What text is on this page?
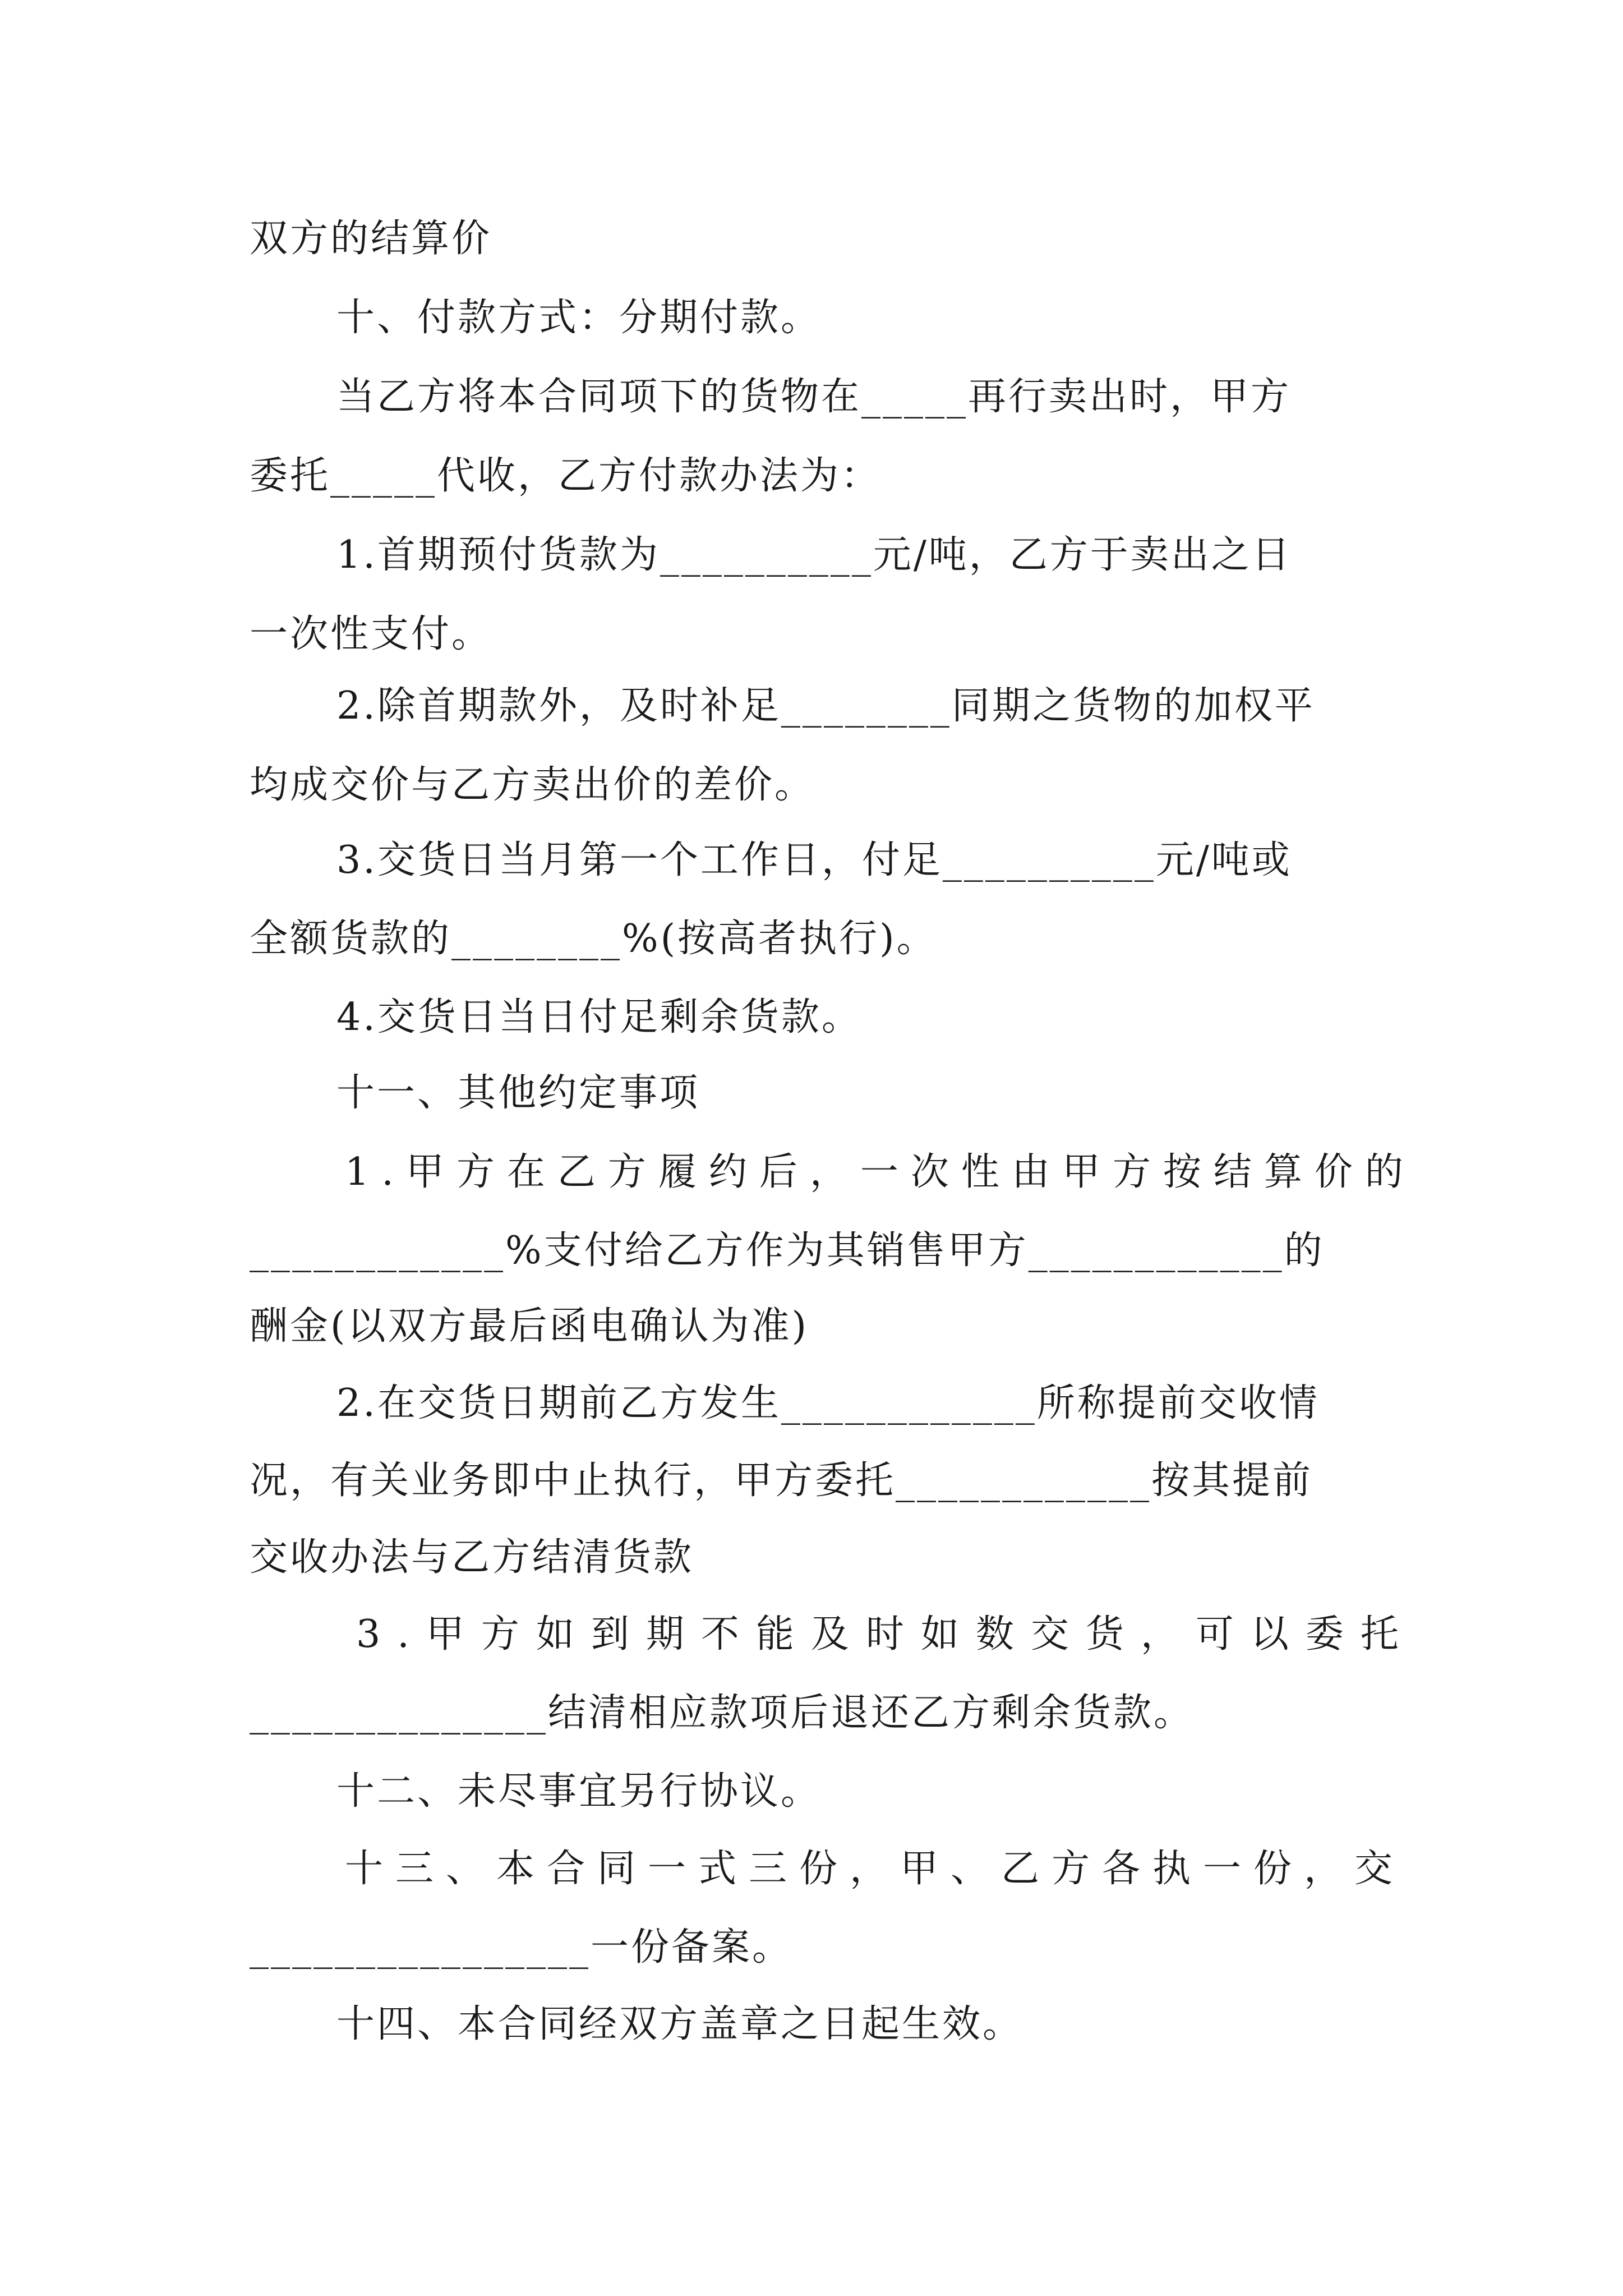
双方的结算价
十、付款方式：分期付款。
当乙方将本合同项下的货物在_____再行卖出时，甲方
委托_____代收，乙方付款办法为：
1.首期预付货款为__________元/吨，乙方于卖出之日
一次性支付。
2.除首期款外，及时补足________同期之货物的加权平
均成交价与乙方卖出价的差价。
3.交货日当月第一个工作日，付足__________元/吨或
全额货款的________%(按高者执行)。
4.交货日当日付足剩余货款。
十一、其他约定事项
1.甲方在乙方履约后，一次性由甲方按结算价的
____________%支付给乙方作为其销售甲方____________的
酬金(以双方最后函电确认为准)
2.在交货日期前乙方发生____________所称提前交收情
况，有关业务即中止执行，甲方委托____________按其提前
交收办法与乙方结清货款
3.甲方如到期不能及时如数交货，可以委托
______________结清相应款项后退还乙方剩余货款。
十二、未尽事宜另行协议。
十三、本合同一式三份，甲、乙方各执一份，交
________________一份备案。
十四、本合同经双方盖章之日起生效。
